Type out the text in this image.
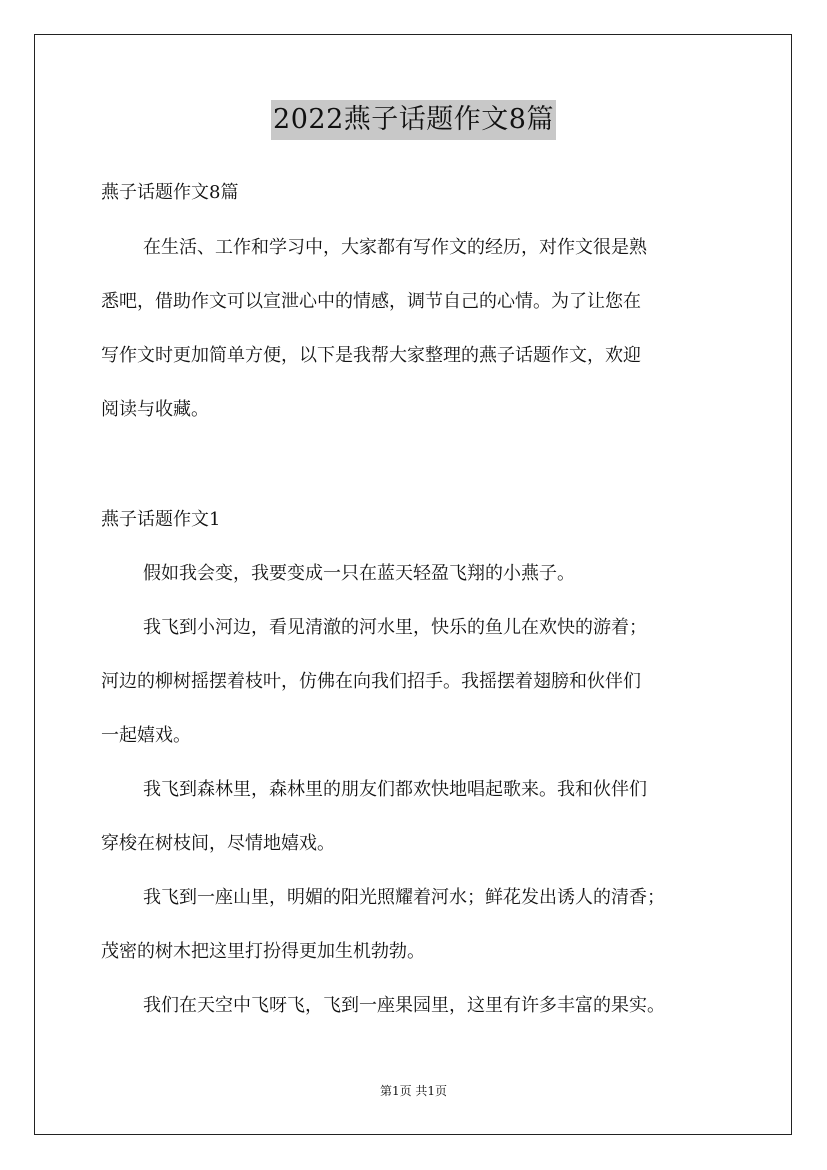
2022燕子话题作文8篇
燕子话题作文8篇
在生活、工作和学习中，大家都有写作文的经历，对作文很是熟
悉吧，借助作文可以宣泄心中的情感，调节自己的心情。为了让您在
写作文时更加简单方便，以下是我帮大家整理的燕子话题作文，欢迎
阅读与收藏。
燕子话题作文1
假如我会变，我要变成一只在蓝天轻盈飞翔的小燕子。
我飞到小河边，看见清澈的河水里，快乐的鱼儿在欢快的游着；
河边的柳树摇摆着枝叶，仿佛在向我们招手。我摇摆着翅膀和伙伴们
一起嬉戏。
我飞到森林里，森林里的朋友们都欢快地唱起歌来。我和伙伴们
穿梭在树枝间，尽情地嬉戏。
我飞到一座山里，明媚的阳光照耀着河水；鲜花发出诱人的清香；
茂密的树木把这里打扮得更加生机勃勃。
我们在天空中飞呀飞，飞到一座果园里，这里有许多丰富的果实。
第1页 共1页
